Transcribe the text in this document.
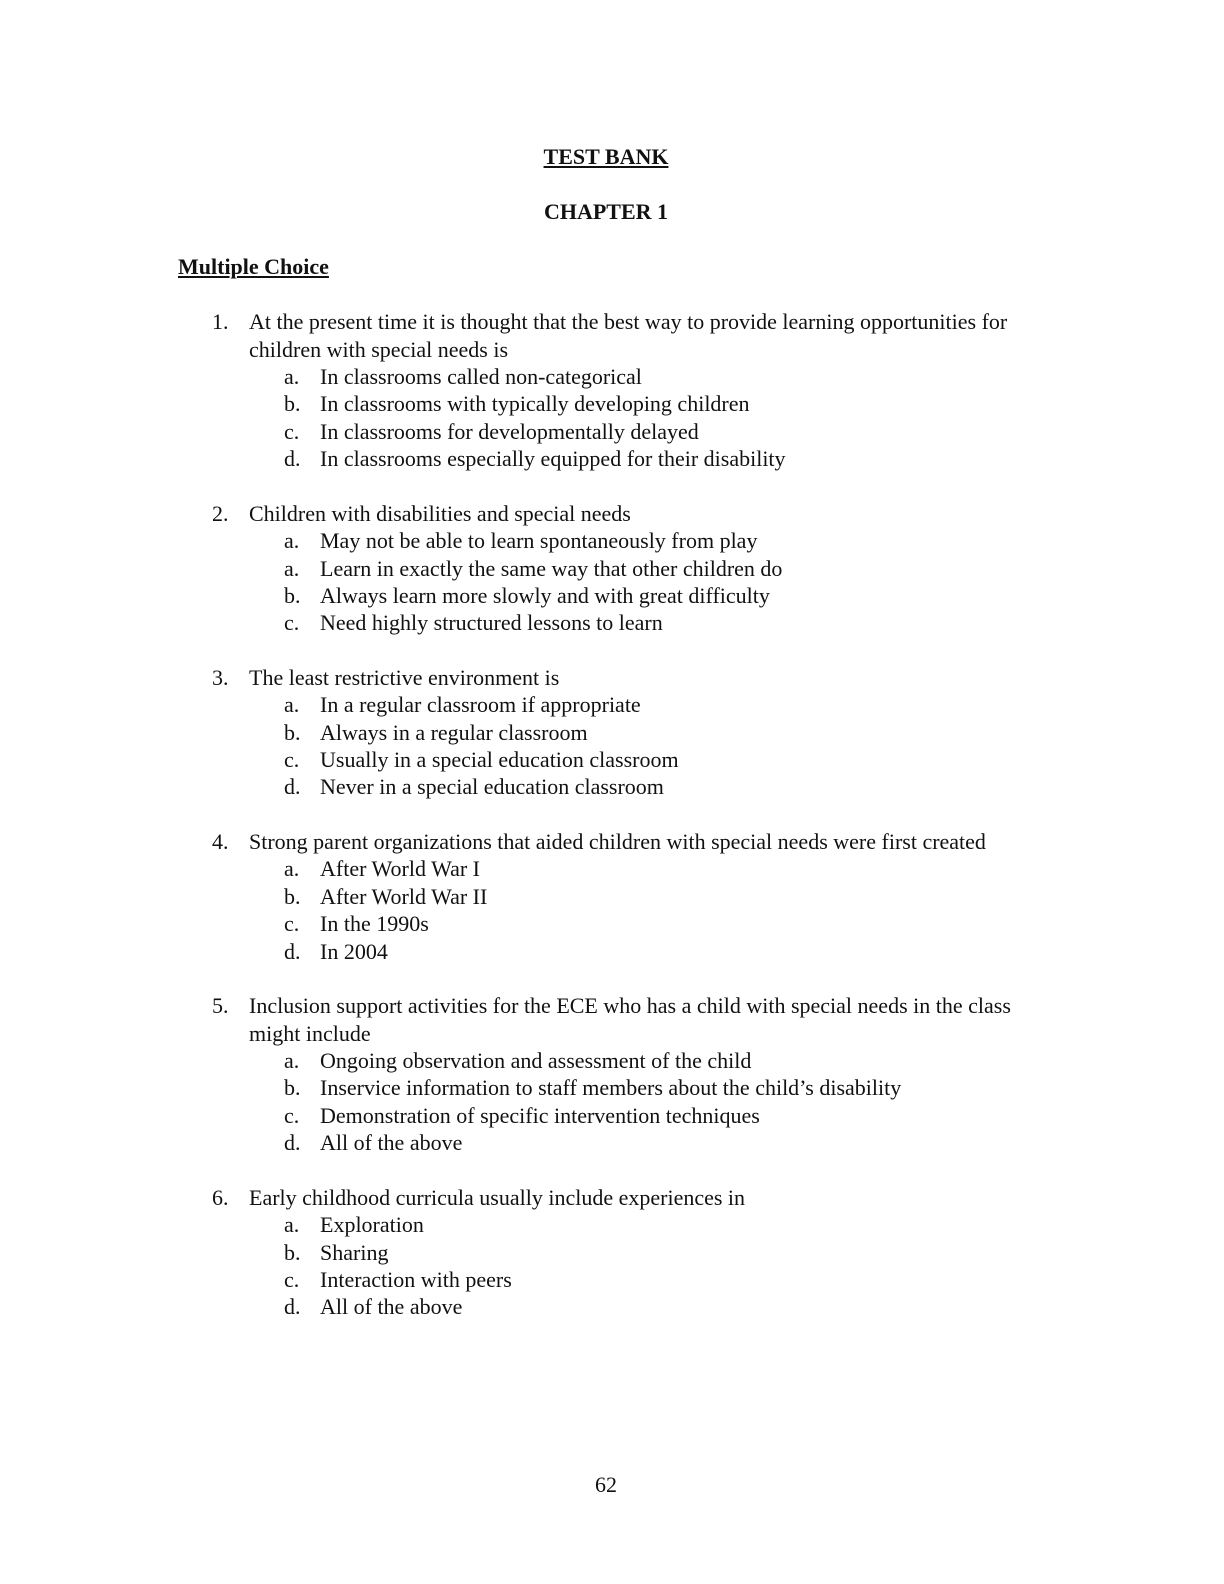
TEST BANK
CHAPTER 1
Multiple Choice
1. At the present time it is thought that the best way to provide learning opportunities for children with special needs is
a. In classrooms called non-categorical
b. In classrooms with typically developing children
c. In classrooms for developmentally delayed
d. In classrooms especially equipped for their disability
2. Children with disabilities and special needs
a. May not be able to learn spontaneously from play
a. Learn in exactly the same way that other children do
b. Always learn more slowly and with great difficulty
c. Need highly structured lessons to learn
3. The least restrictive environment is
a. In a regular classroom if appropriate
b. Always in a regular classroom
c. Usually in a special education classroom
d. Never in a special education classroom
4. Strong parent organizations that aided children with special needs were first created
a. After World War I
b. After World War II
c. In the 1990s
d. In 2004
5. Inclusion support activities for the ECE who has a child with special needs in the class might include
a. Ongoing observation and assessment of the child
b. Inservice information to staff members about the child’s disability
c. Demonstration of specific intervention techniques
d. All of the above
6. Early childhood curricula usually include experiences in
a. Exploration
b. Sharing
c. Interaction with peers
d. All of the above
62
